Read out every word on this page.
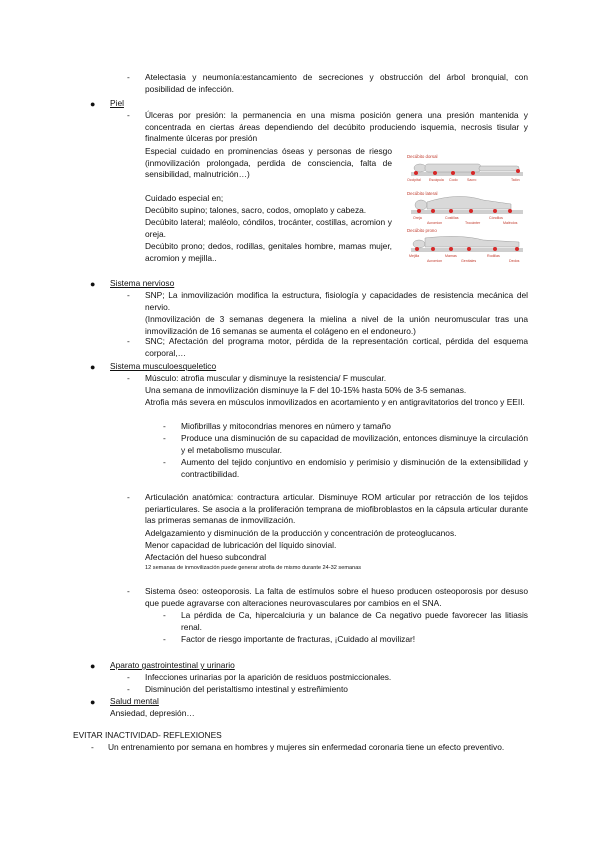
- Atelectasia y neumonía:estancamiento de secreciones y obstrucción del árbol bronquial, con posibilidad de infección.
● Piel
- Úlceras por presión: la permanencia en una misma posición genera una presión mantenida y concentrada en ciertas áreas dependiendo del decúbito produciendo isquemia, necrosis tisular y finalmente úlceras por presión
Especial cuidado en prominencias óseas y personas de riesgo (inmovilización prolongada, perdida de consciencia, falta de sensibilidad, malnutrición…)
Cuidado especial en;
Decúbito supino; talones, sacro, codos, omoplato y cabeza.
Decúbito lateral; maléolo, cóndilos, trocánter, costillas, acromion y oreja.
Decúbito prono; dedos, rodillas, genitales hombre, mamas mujer, acromion y mejilla..
Decúbito dorsal
Occipital Escápula Codo	Sacro	Talón
Decúbito lateral
Oreja
Acromion
Costillas
Trocánter
Cóndilos
Maléolos
Decúbito prono
Mejilla
Acromion
Mamas
Genitales
Rodillas
Dedos
● Sistema nervioso
- SNP; La inmovilización modifica la estructura, fisiología y capacidades de resistencia mecánica del nervio.
(Inmovilización de 3 semanas degenera la mielina a nivel de la unión neuromuscular tras una inmovilización de 16 semanas se aumenta el colágeno en el endoneuro.)
- SNC; Afectación del programa motor, pérdida de la representación cortical, pérdida del esquema corporal,…
● Sistema musculoesqueletico
- Músculo: atrofia muscular y disminuye la resistencia/ F muscular.
Una semana de inmovilización disminuye la F del 10-15% hasta 50% de 3-5 semanas.
Atrofia más severa en músculos inmovilizados en acortamiento y en antigravitatorios del tronco y EEII.
- Miofibrillas y mitocondrias menores en número y tamaño
- Produce una disminución de su capacidad de movilización, entonces disminuye la circulación y el metabolismo muscular.
- Aumento del tejido conjuntivo en endomisio y perimisio y disminución de la extensibilidad y contractibilidad.
- Articulación anatómica: contractura articular. Disminuye ROM articular por retracción de los tejidos periarticulares. Se asocia a la proliferación temprana de miofibroblastos en la cápsula articular durante las primeras semanas de inmovilización.
Adelgazamiento y disminución de la producción y concentración de proteoglucanos.
Menor capacidad de lubricación del líquido sinovial.
Afectación del hueso subcondral
12 semanas de inmovilización puede generar atrofia de mismo durante 24-32 semanas
- Sistema óseo: osteoporosis. La falta de estímulos sobre el hueso producen osteoporosis por desuso que puede agravarse con alteraciones neurovasculares por cambios en el SNA.
- La pérdida de Ca, hipercalciuria y un balance de Ca negativo puede favorecer las litiasis renal.
- Factor de riesgo importante de fracturas, ¡Cuidado al movilizar!
● Aparato gastrointestinal y urinario
- Infecciones urinarias por la aparición de residuos postmiccionales.
- Disminución del peristaltismo intestinal y estreñimiento
● Salud mental
Ansiedad, depresión…
EVITAR INACTIVIDAD- REFLEXIONES
- Un entrenamiento por semana en hombres y mujeres sin enfermedad coronaria tiene un efecto preventivo.
